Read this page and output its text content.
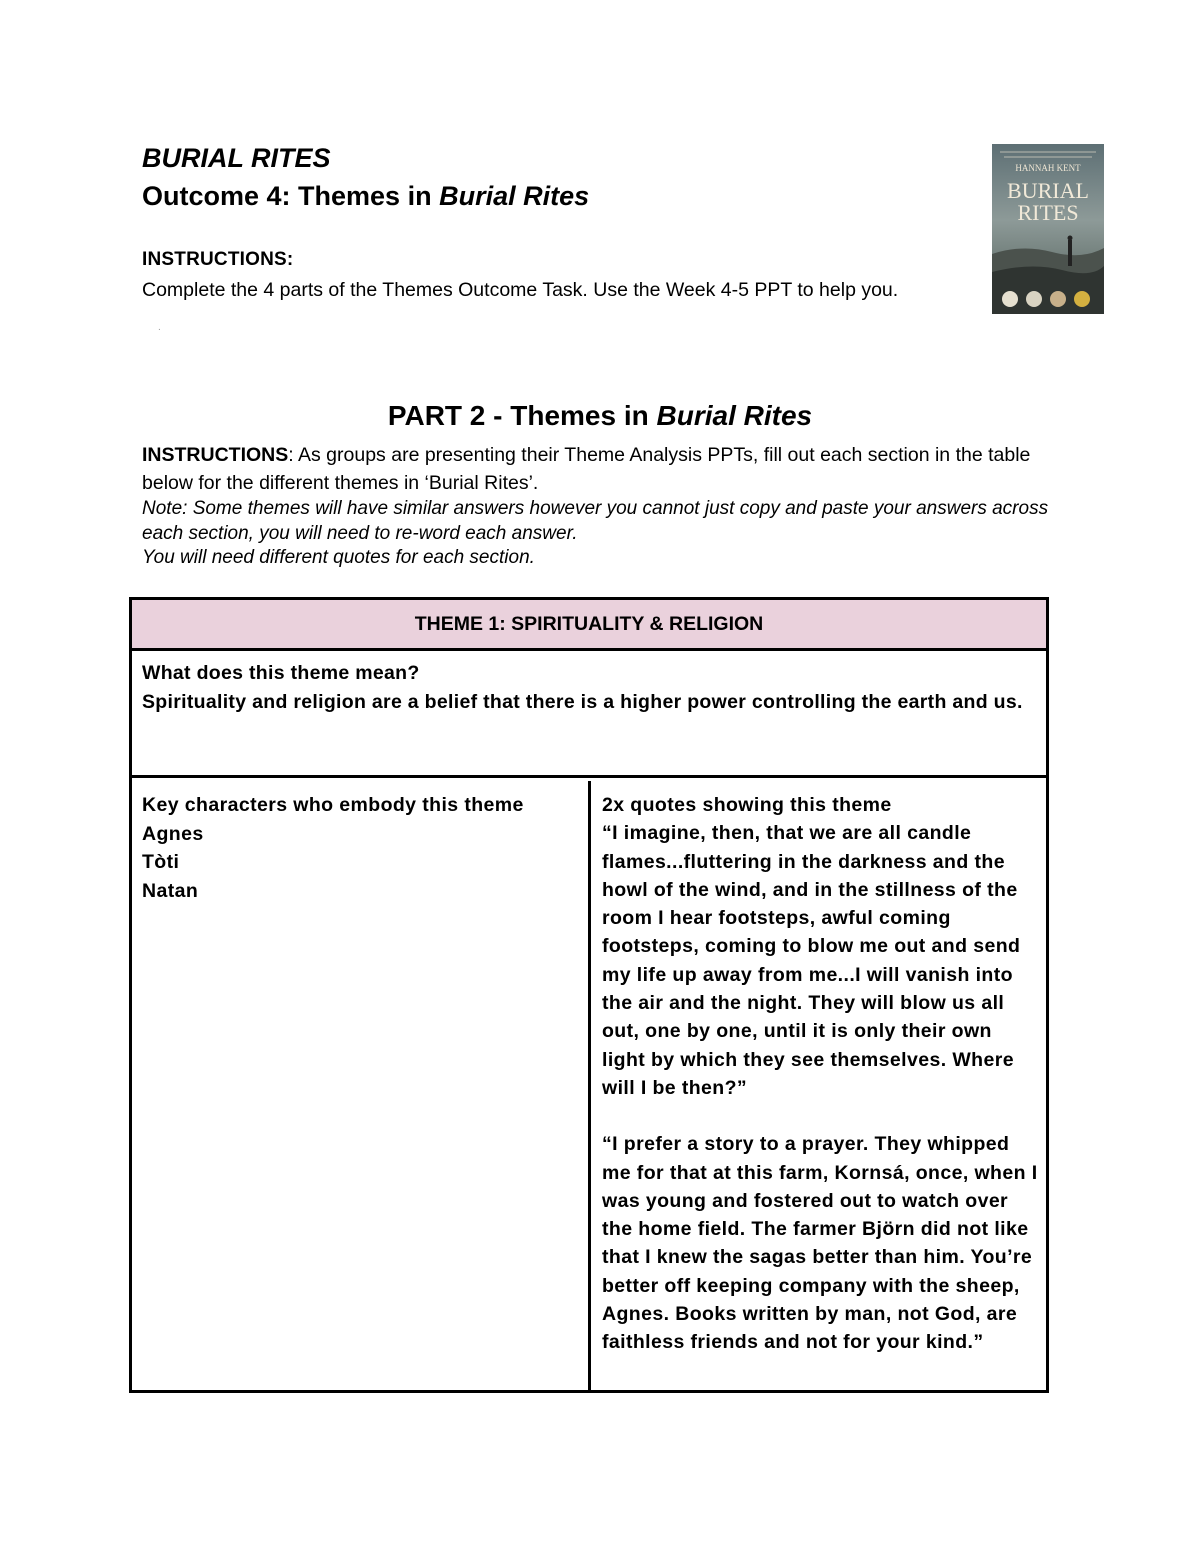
BURIAL RITES
Outcome 4: Themes in Burial Rites
INSTRUCTIONS:
Complete the 4 parts of the Themes Outcome Task. Use the Week 4-5 PPT to help you.
.
HANNAH KENT
BURIAL
RITES
PART 2 - Themes in Burial Rites
INSTRUCTIONS: As groups are presenting their Theme Analysis PPTs, fill out each section in the table below for the different themes in ‘Burial Rites’.
Note: Some themes will have similar answers however you cannot just copy and paste your answers across each section, you will need to re-word each answer.
You will need different quotes for each section.
THEME 1: SPIRITUALITY & RELIGION
What does this theme mean?
Spirituality and religion are a belief that there is a higher power controlling the earth and us.
Key characters who embody this theme
Agnes
Tòti
Natan
2x quotes showing this theme

“I imagine, then, that we are all candle flames...fluttering in the darkness and the howl of the wind, and in the stillness of the room I hear footsteps, awful coming footsteps, coming to blow me out and send my life up away from me...I will vanish into the air and the night. They will blow us all out, one by one, until it is only their own light by which they see themselves. Where will I be then?”

“I prefer a story to a prayer. They whipped me for that at this farm, Kornsá, once, when I was young and fostered out to watch over the home field. The farmer Björn did not like that I knew the sagas better than him. You’re better off keeping company with the sheep, Agnes. Books written by man, not God, are faithless friends and not for your kind.”
